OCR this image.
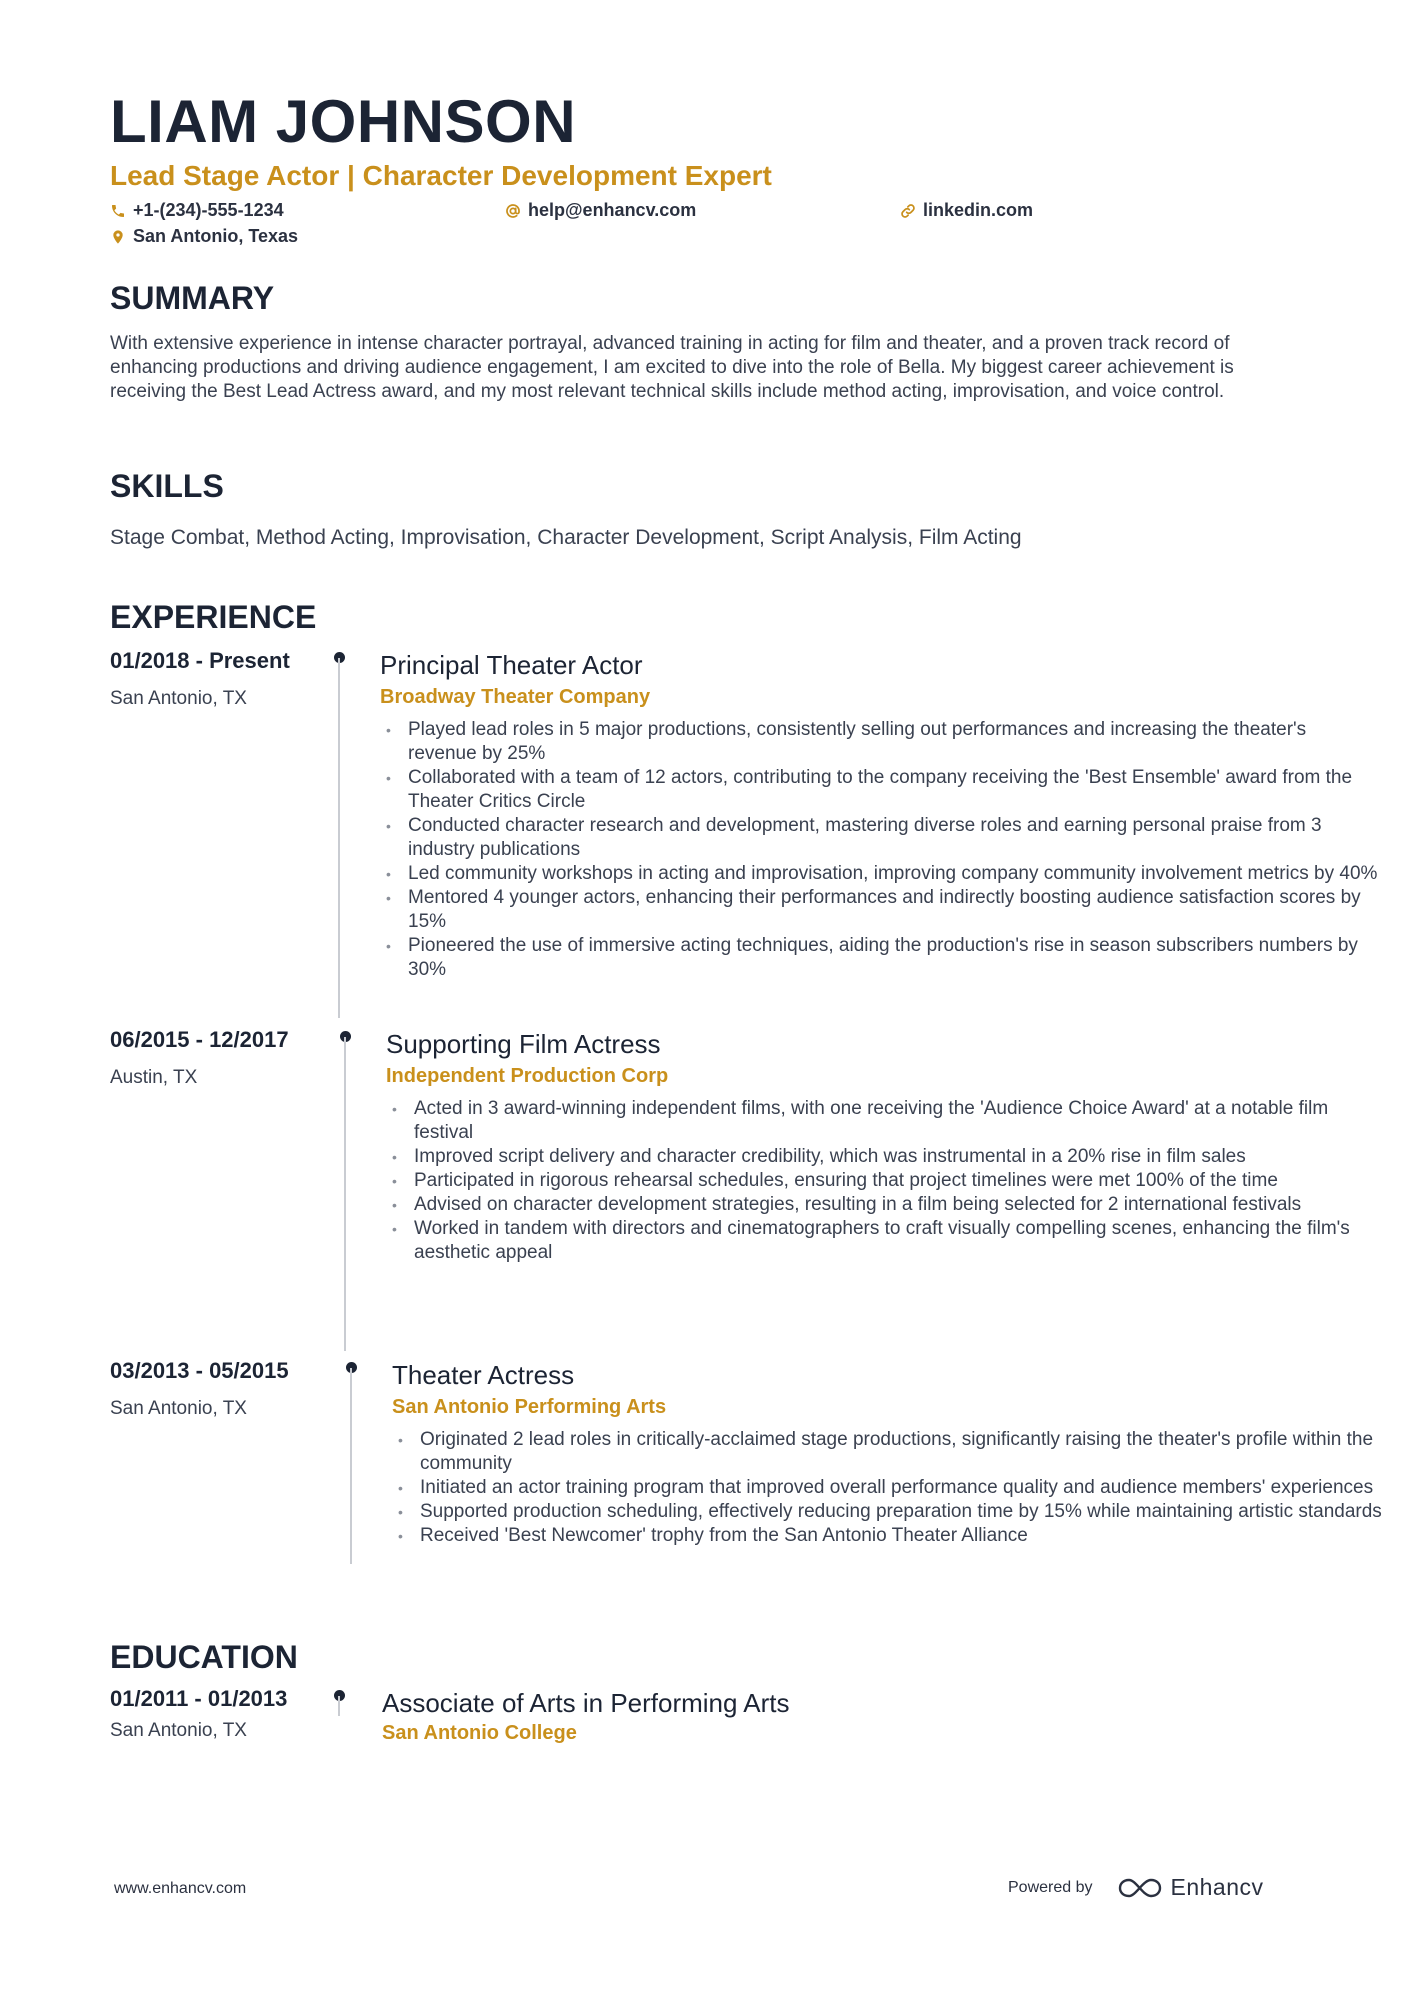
LIAM JOHNSON
Lead Stage Actor | Character Development Expert
+1-(234)-555-1234	help@enhancv.com	linkedin.com
San Antonio, Texas
SUMMARY

With extensive experience in intense character portrayal, advanced training in acting for film and theater, and a proven track record of enhancing productions and driving audience engagement, I am excited to dive into the role of Bella. My biggest career achievement is receiving the Best Lead Actress award, and my most relevant technical skills include method acting, improvisation, and voice control.

SKILLS

Stage Combat, Method Acting, Improvisation, Character Development, Script Analysis, Film Acting

EXPERIENCE
01/2018 - Present
San Antonio, TX
Principal Theater Actor
Broadway Theater Company
• Played lead roles in 5 major productions, consistently selling out performances and increasing the theater's revenue by 25%
• Collaborated with a team of 12 actors, contributing to the company receiving the 'Best Ensemble' award from the Theater Critics Circle
• Conducted character research and development, mastering diverse roles and earning personal praise from 3 industry publications
• Led community workshops in acting and improvisation, improving company community involvement metrics by 40%
• Mentored 4 younger actors, enhancing their performances and indirectly boosting audience satisfaction scores by 15%
• Pioneered the use of immersive acting techniques, aiding the production's rise in season subscribers numbers by 30%
06/2015 - 12/2017
Austin, TX
Supporting Film Actress
Independent Production Corp
• Acted in 3 award-winning independent films, with one receiving the 'Audience Choice Award' at a notable film festival
• Improved script delivery and character credibility, which was instrumental in a 20% rise in film sales
• Participated in rigorous rehearsal schedules, ensuring that project timelines were met 100% of the time
• Advised on character development strategies, resulting in a film being selected for 2 international festivals
• Worked in tandem with directors and cinematographers to craft visually compelling scenes, enhancing the film's aesthetic appeal
03/2013 - 05/2015
San Antonio, TX
Theater Actress
San Antonio Performing Arts
• Originated 2 lead roles in critically-acclaimed stage productions, significantly raising the theater's profile within the community
• Initiated an actor training program that improved overall performance quality and audience members' experiences
• Supported production scheduling, effectively reducing preparation time by 15% while maintaining artistic standards
• Received 'Best Newcomer' trophy from the San Antonio Theater Alliance
EDUCATION
01/2011 - 01/2013
San Antonio, TX
Associate of Arts in Performing Arts
San Antonio College
www.enhancv.com	Powered by	Enhancv
